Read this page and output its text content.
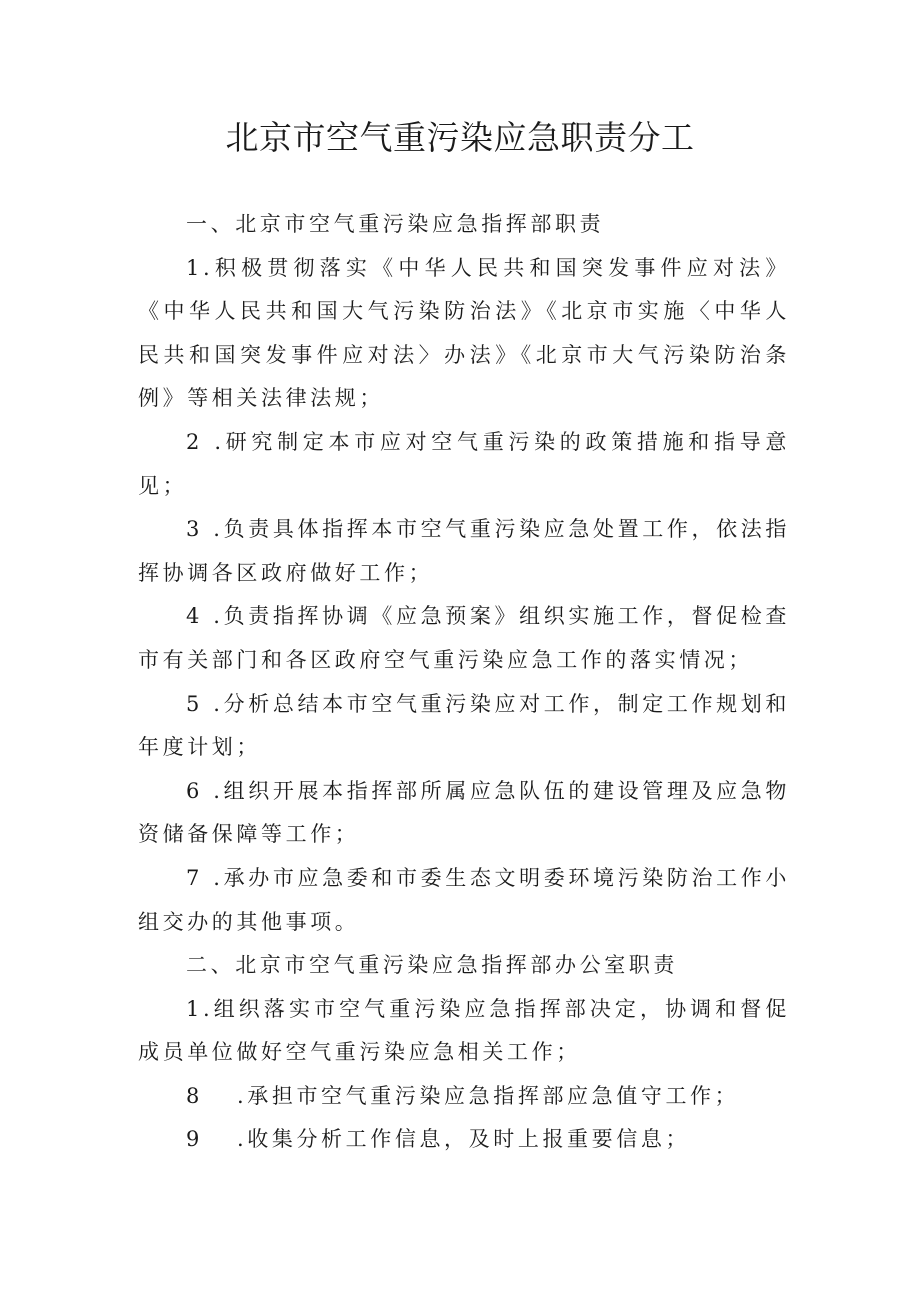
北京市空气重污染应急职责分工

一、北京市空气重污染应急指挥部职责

1.积极贯彻落实《中华人民共和国突发事件应对法》《中华人民共和国大气污染防治法》《北京市实施〈中华人民共和国突发事件应对法〉办法》《北京市大气污染防治条例》等相关法律法规；

2 .研究制定本市应对空气重污染的政策措施和指导意见；

3 .负责具体指挥本市空气重污染应急处置工作，依法指挥协调各区政府做好工作；

4 .负责指挥协调《应急预案》组织实施工作，督促检查市有关部门和各区政府空气重污染应急工作的落实情况；

5 .分析总结本市空气重污染应对工作，制定工作规划和年度计划；

6 .组织开展本指挥部所属应急队伍的建设管理及应急物资储备保障等工作；

7 .承办市应急委和市委生态文明委环境污染防治工作小组交办的其他事项。

二、北京市空气重污染应急指挥部办公室职责

1.组织落实市空气重污染应急指挥部决定，协调和督促成员单位做好空气重污染应急相关工作；

8 .承担市空气重污染应急指挥部应急值守工作；

9 .收集分析工作信息，及时上报重要信息；
